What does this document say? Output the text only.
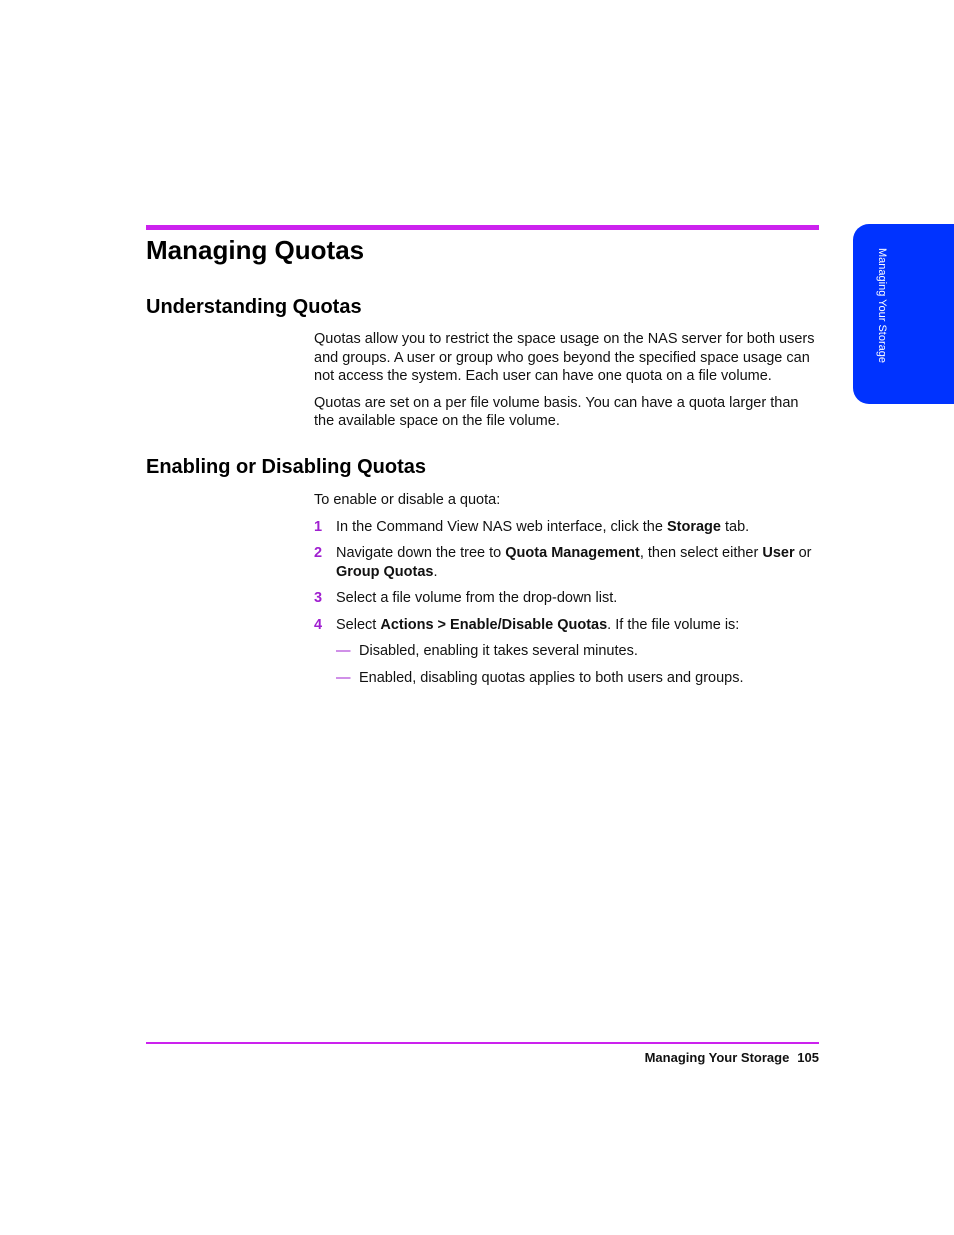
Managing Quotas	Managing Your Storage
Understanding Quotas

Quotas allow you to restrict the space usage on the NAS server for both users and groups. A user or group who goes beyond the specified space usage can not access the system. Each user can have one quota on a file volume.

Quotas are set on a per file volume basis. You can have a quota larger than the available space on the file volume.

Enabling or Disabling Quotas

To enable or disable a quota:

1 In the Command View NAS web interface, click the Storage tab.
2 Navigate down the tree to Quota Management, then select either User or Group Quotas.
3 Select a file volume from the drop-down list.
4 Select Actions > Enable/Disable Quotas. If the file volume is:
— Disabled, enabling it takes several minutes.
— Enabled, disabling quotas applies to both users and groups.
Managing Your Storage 105
